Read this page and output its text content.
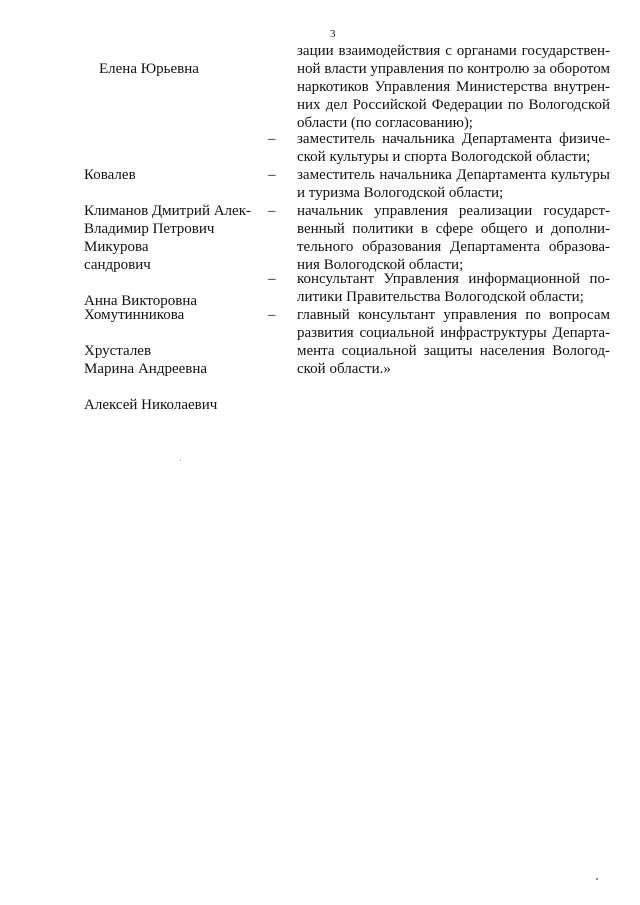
3

Елена Юрьевна

зации взаимодействия с органами государствен-
ной власти управления по контролю за оборотом
наркотиков Управления Министерства внутрен-
них дел Российской Федерации по Вологодской
области (по согласованию);

Ковалев

Владимир Петрович

– заместитель начальника Департамента физиче-
ской культуры и спорта Вологодской области;

Климанов Дмитрий Алек-

сандрович

– заместитель начальника Департамента культуры
и туризма Вологодской области;

Микурова

Анна Викторовна

– начальник управления реализации государст-
венный политики в сфере общего и дополни-
тельного образования Департамента образова-
ния Вологодской области;

Хомутинникова

Марина Андреевна

– консультант Управления информационной по-
литики Правительства Вологодской области;

Хрусталев

Алексей Николаевич

– главный консультант управления по вопросам
развития социальной инфраструктуры Департа-
мента социальной защиты населения Вологод-
ской области.»
